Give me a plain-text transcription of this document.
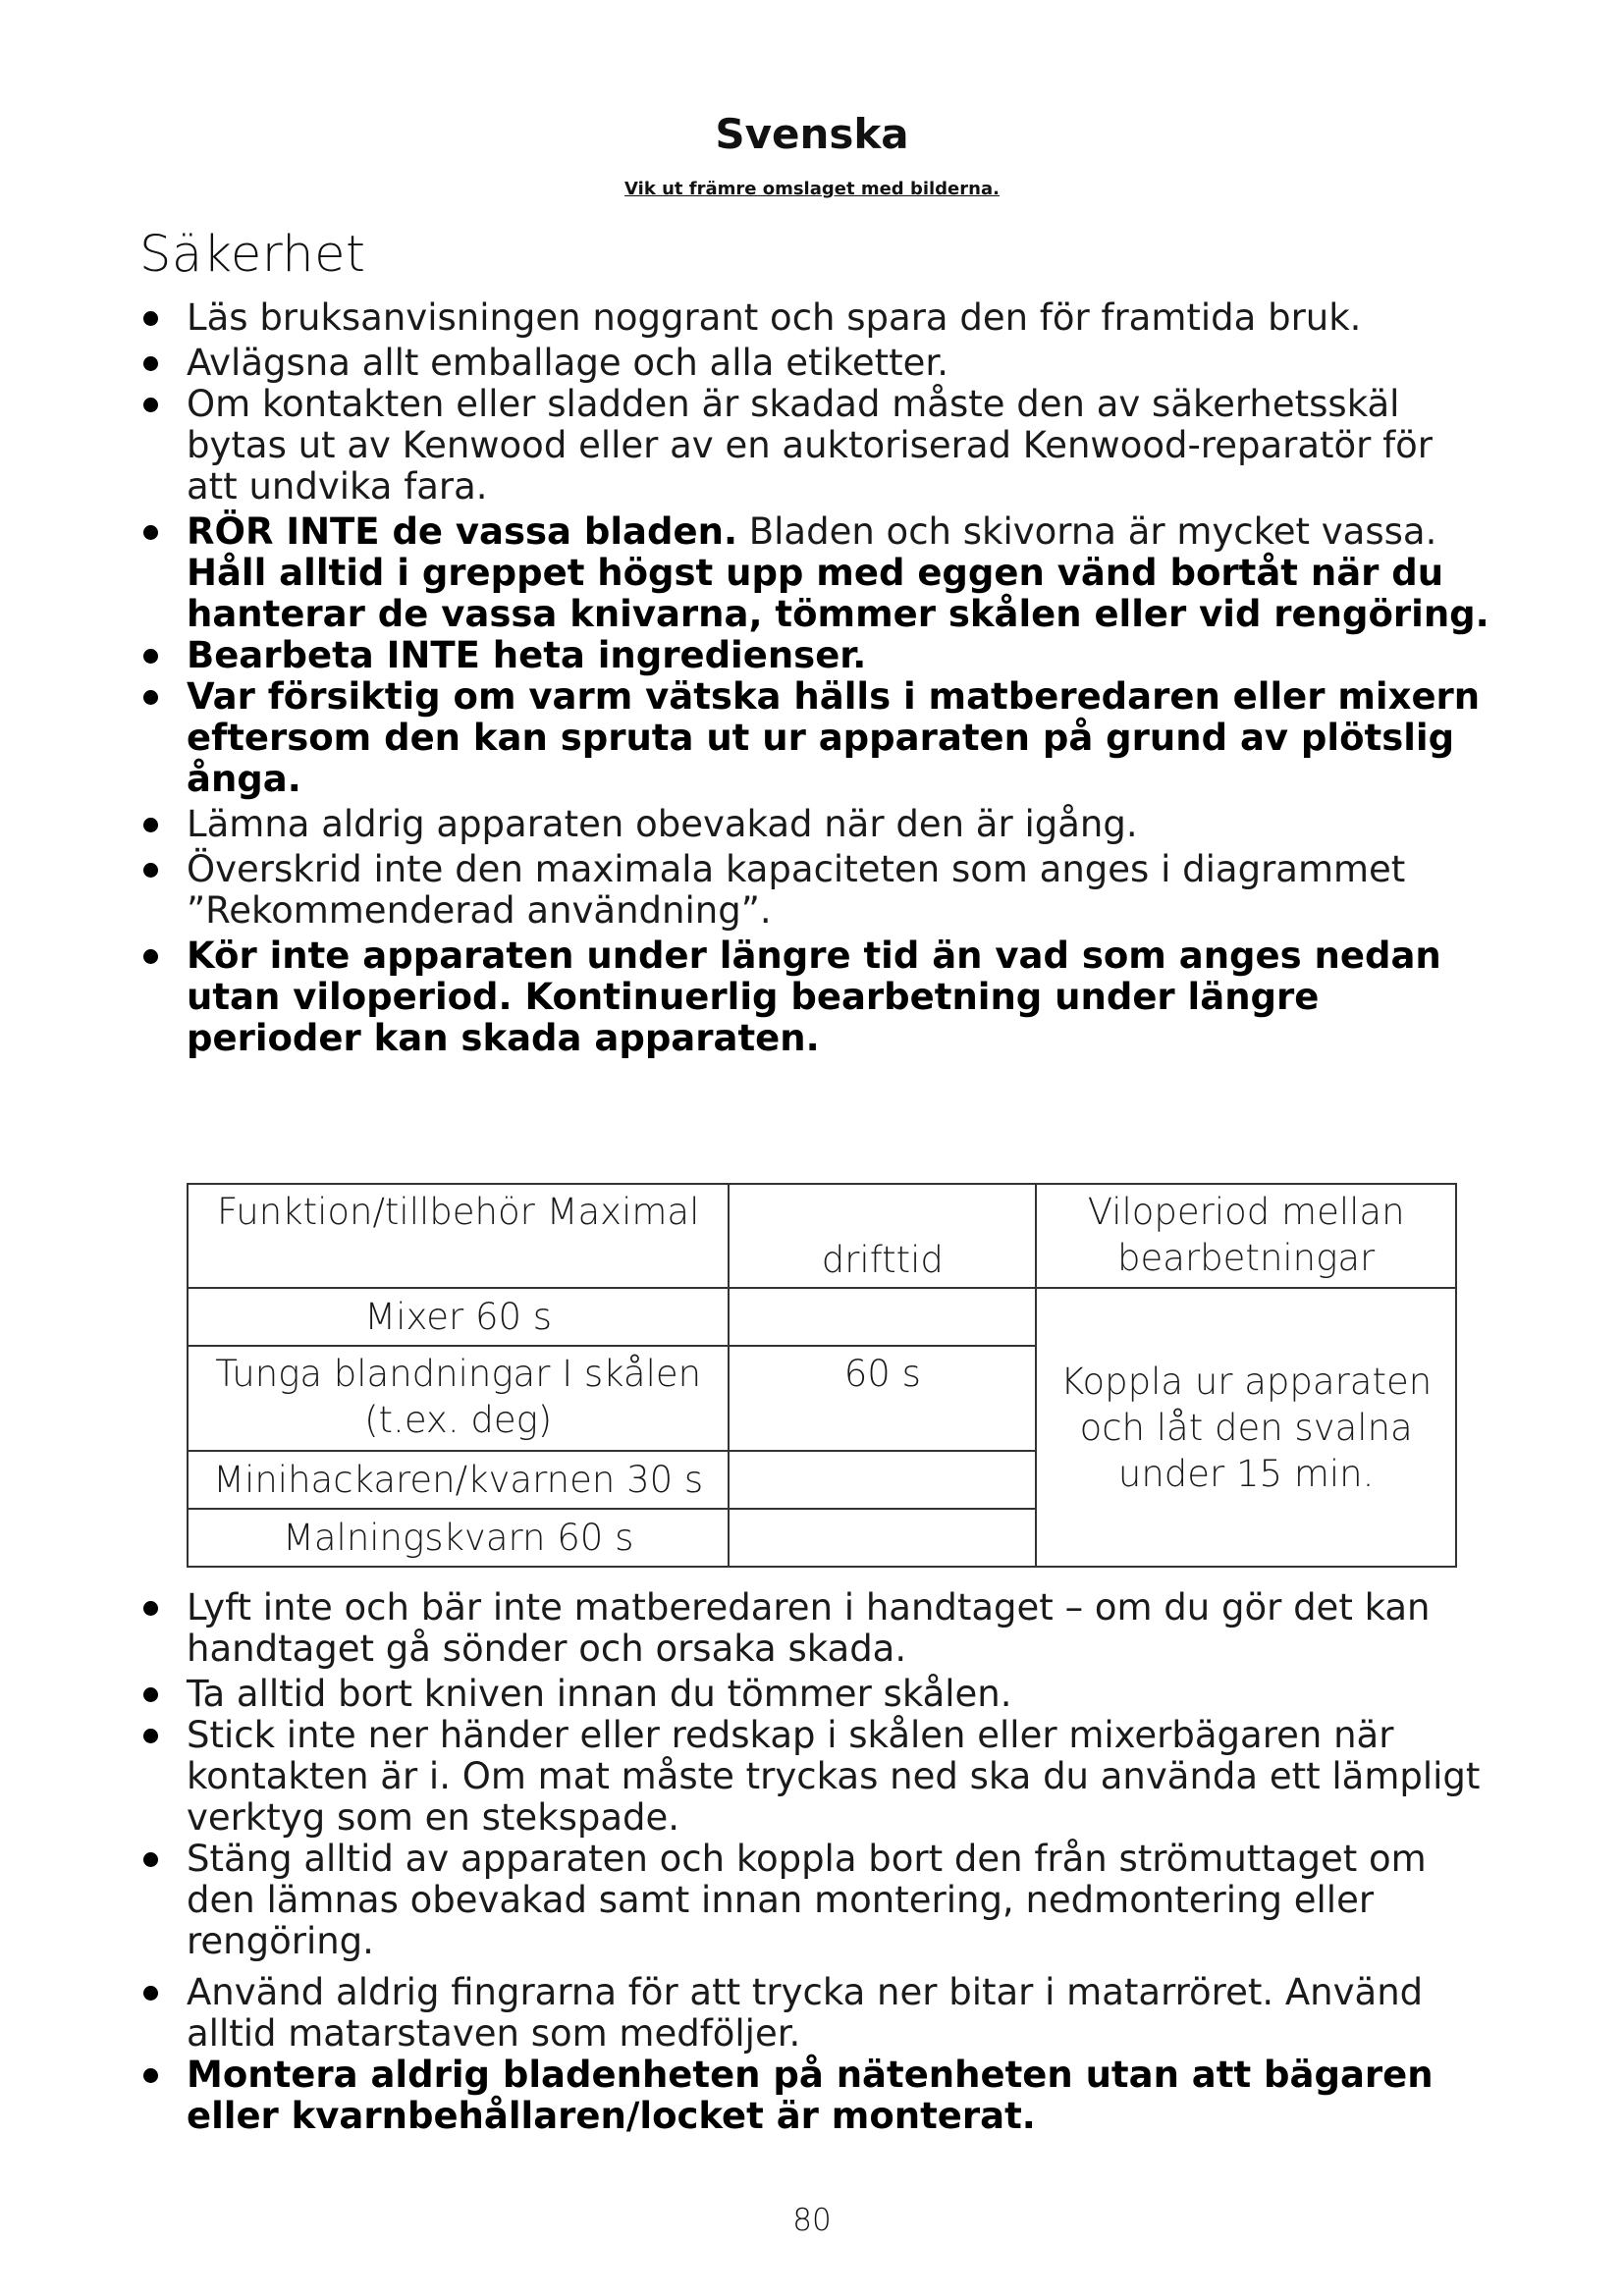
Svenska
Vik ut främre omslaget med bilderna.
Säkerhet
Läs bruksanvisningen noggrant och spara den för framtida bruk.
Avlägsna allt emballage och alla etiketter.
Om kontakten eller sladden är skadad måste den av säkerhetsskäl bytas ut av Kenwood eller av en auktoriserad Kenwood-reparatör för att undvika fara.
RÖR INTE de vassa bladen. Bladen och skivorna är mycket vassa. Håll alltid i greppet högst upp med eggen vänd bortåt när du hanterar de vassa knivarna, tömmer skålen eller vid rengöring.
Bearbeta INTE heta ingredienser.
Var försiktig om varm vätska hälls i matberedaren eller mixern eftersom den kan spruta ut ur apparaten på grund av plötslig ånga.
Lämna aldrig apparaten obevakad när den är igång.
Överskrid inte den maximala kapaciteten som anges i diagrammet ”Rekommenderad användning”.
Kör inte apparaten under längre tid än vad som anges nedan utan viloperiod. Kontinuerlig bearbetning under längre perioder kan skada apparaten.
Funktion/tillbehör Maximal	drifttid	Viloperiod mellan bearbetningar
Mixer 60 s		Koppla ur apparaten och låt den svalna under 15 min.
Tunga blandningar I skålen (t.ex. deg)	60 s	
Minihackaren/kvarnen 30 s		
Malningskvarn 60 s		
Lyft inte och bär inte matberedaren i handtaget – om du gör det kan handtaget gå sönder och orsaka skada.
Ta alltid bort kniven innan du tömmer skålen.
Stick inte ner händer eller redskap i skålen eller mixerbägaren när kontakten är i. Om mat måste tryckas ned ska du använda ett lämpligt verktyg som en stekspade.
Stäng alltid av apparaten och koppla bort den från strömuttaget om den lämnas obevakad samt innan montering, nedmontering eller rengöring.
Använd aldrig fingrarna för att trycka ner bitar i matarröret. Använd alltid matarstaven som medföljer.
Montera aldrig bladenheten på nätenheten utan att bägaren eller kvarnbehållaren/locket är monterat.
80
